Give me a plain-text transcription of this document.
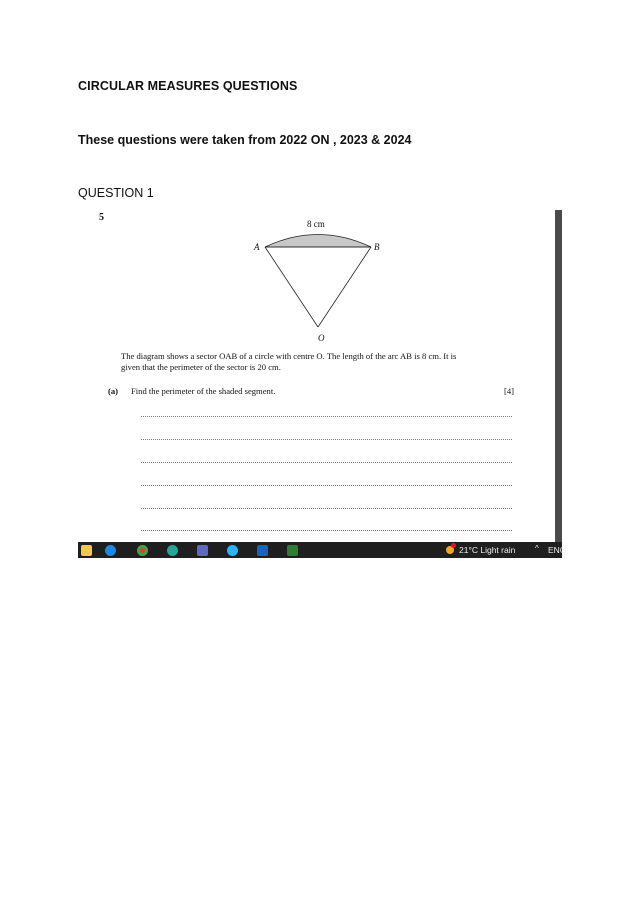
CIRCULAR MEASURES QUESTIONS
These questions were taken from 2022 ON , 2023 & 2024
QUESTION 1
5
8 cm
A	B
O
The diagram shows a sector OAB of a circle with centre O. The length of the arc AB is 8 cm. It is
given that the perimeter of the sector is 20 cm.
(a) Find the perimeter of the shaded segment.	[4]
21°C Light rain ^ ENG
